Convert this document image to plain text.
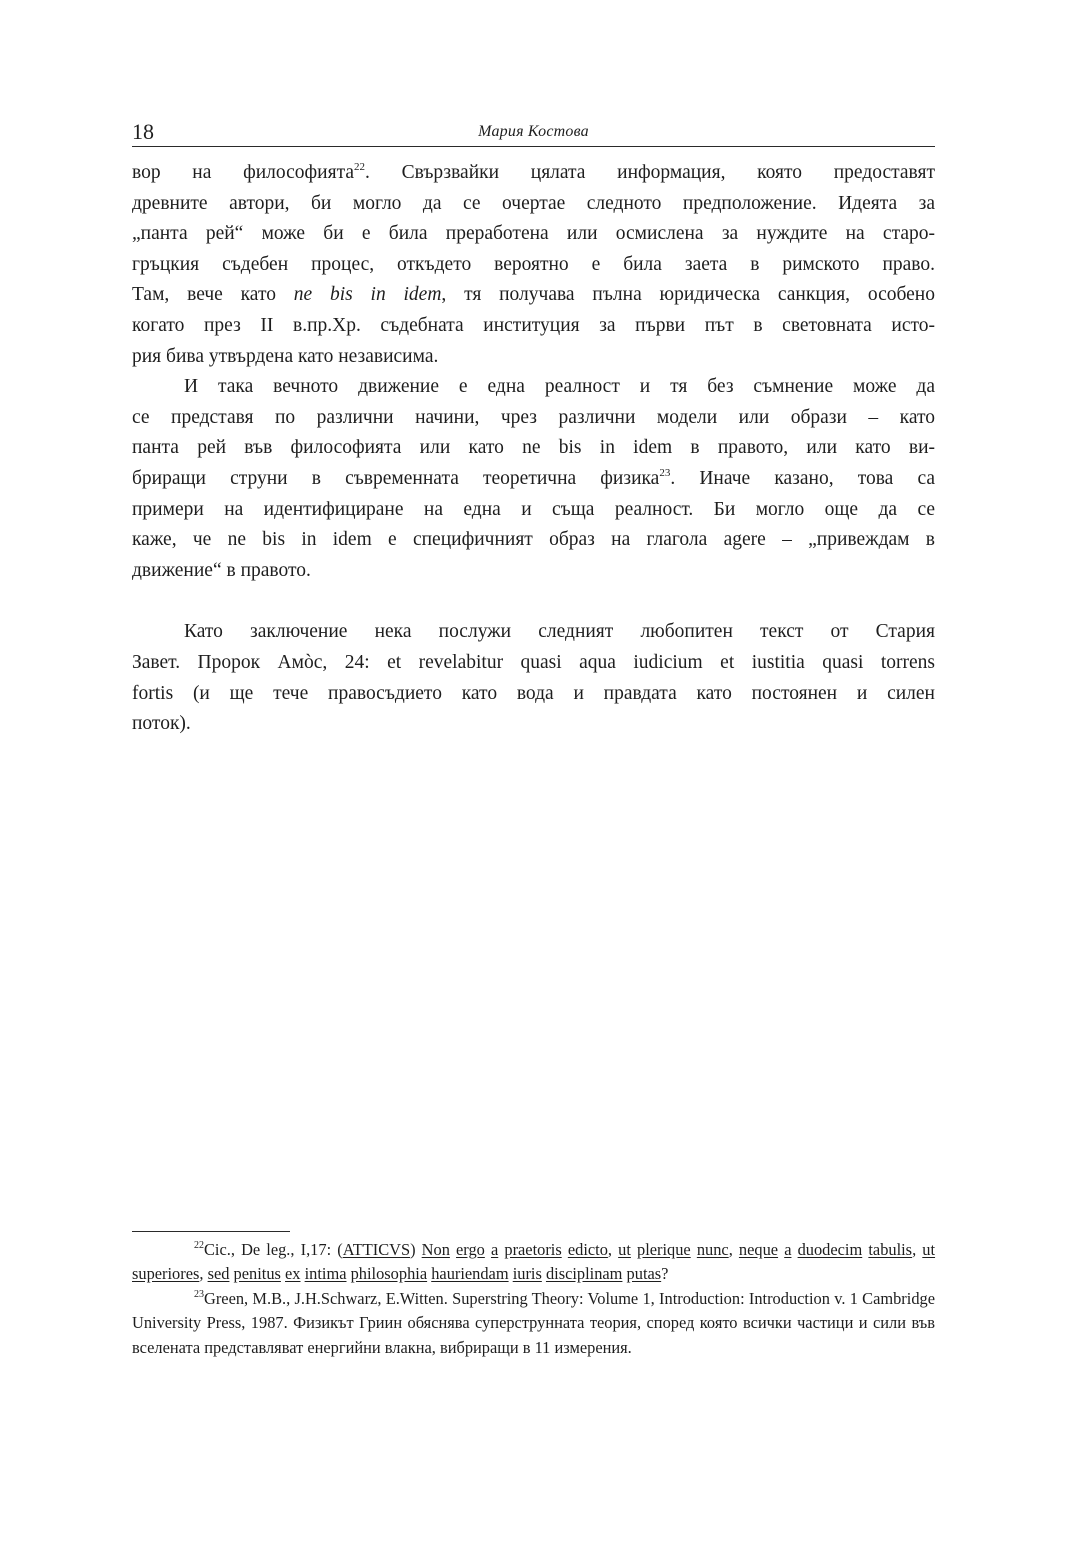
18	Мария Костова

вор на философията$^{22}$. Свързвайки цялата информация, която предоставят

древните автори, би могло да се очертае следното предположение. Идеята за

„панта рей“ може би е била преработена или осмислена за нуждите на старо-

гръцкия съдебен процес, откъдето вероятно е била заета в римското право.

Там, вече като ne bis in idem, тя получава пълна юридическа санкция, особено

когато през II в.пр.Хр. съдебната институция за първи път в световната исто-

рия бива утвърдена като независима.

И така вечното движение е една реалност и тя без съмнение може да

се представя по различни начини, чрез различни модели или образи – като

панта рей във философията или като ne bis in idem в правото, или като ви-

бриращи струни в съвременната теоретична физика$^{23}$. Иначе казано, това са

примери на идентифициране на една и съща реалност. Би могло още да се

каже, че ne bis in idem е специфичният образ на глагола agere – „привеждам в

движение“ в правото.

Като заключение нека послужи следният любопитен текст от Стария

Завет. Пророк Амòс, 24: et revelabitur quasi aqua iudicium et iustitia quasi torrens

fortis (и ще тече правосъдието като вода и правдата като постоянен и силен

поток).

$^{22}$Cic., De leg., I,17: (ATTICVS) Non ergo a praetoris edicto, ut plerique nunc, neque a duodecim tabulis, ut superiores, sed penitus ex intima philosophia hauriendam iuris disciplinam putas?

$^{23}$Green, M.B., J.H.Schwarz, E.Witten. Superstring Theory: Volume 1, Introduction: Introduction v. 1 Cambridge University Press, 1987. Физикът Гриин обяснява суперструнната теория, според която всички частици и сили във вселената представляват енергийни влакна, вибриращи в 11 измерения.
